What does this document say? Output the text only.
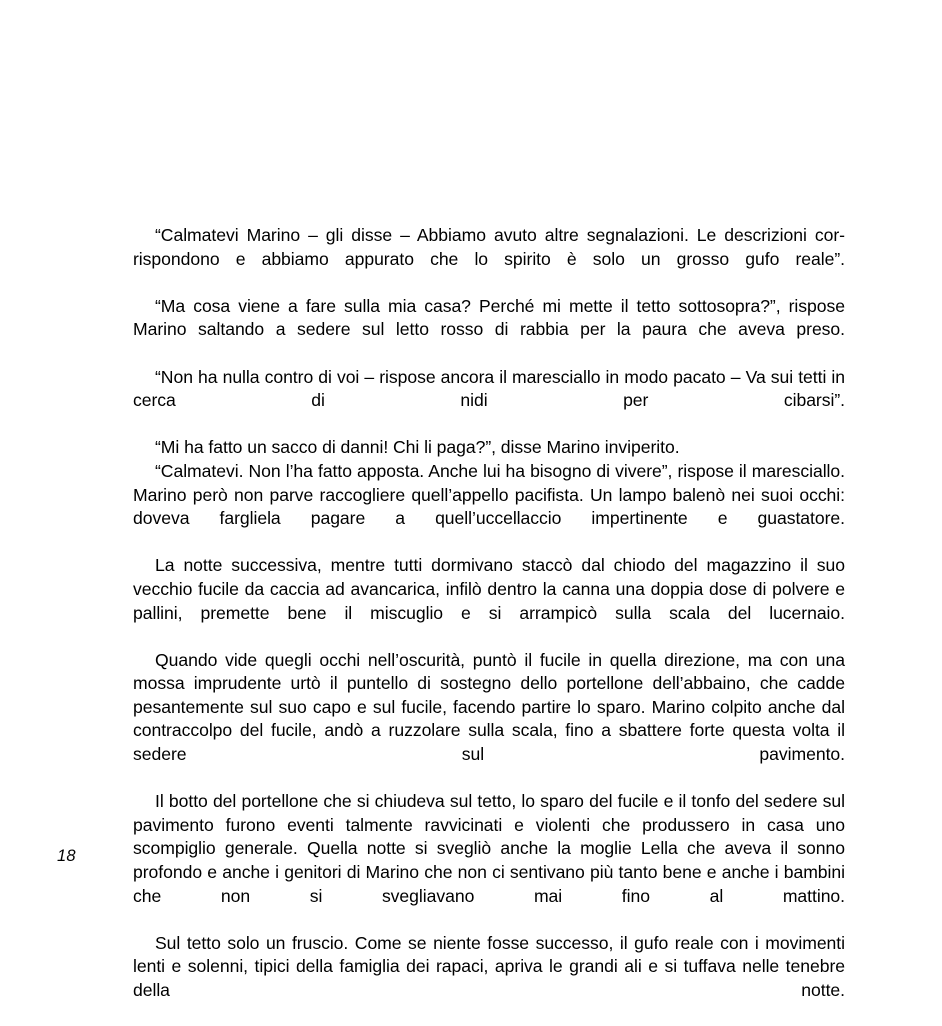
“Calmatevi Marino – gli disse – Abbiamo avuto altre segnalazioni. Le descrizioni corrispondono e abbiamo appurato che lo spirito è solo un grosso gufo reale”.

“Ma cosa viene a fare sulla mia casa? Perché mi mette il tetto sottosopra?”, rispose Marino saltando a sedere sul letto rosso di rabbia per la paura che aveva preso.

“Non ha nulla contro di voi – rispose ancora il maresciallo in modo pacato – Va sui tetti in cerca di nidi per cibarsi”.

“Mi ha fatto un sacco di danni! Chi li paga?”, disse Marino inviperito.

“Calmatevi. Non l’ha fatto apposta. Anche lui ha bisogno di vivere”, rispose il maresciallo. Marino però non parve raccogliere quell’appello pacifista. Un lampo balenò nei suoi occhi: doveva fargliela pagare a quell’uccellaccio impertinente e guastatore.

La notte successiva, mentre tutti dormivano staccò dal chiodo del magazzino il suo vecchio fucile da caccia ad avancarica, infilò dentro la canna una doppia dose di polvere e pallini, premette bene il miscuglio e si arrampicò sulla scala del lucernaio.

Quando vide quegli occhi nell’oscurità, puntò il fucile in quella direzione, ma con una mossa imprudente urtò il puntello di sostegno dello portellone dell’abbaino, che cadde pesantemente sul suo capo e sul fucile, facendo partire lo sparo. Marino colpito anche dal contraccolpo del fucile, andò a ruzzolare sulla scala, fino a sbattere forte questa volta il sedere sul pavimento.

Il botto del portellone che si chiudeva sul tetto, lo sparo del fucile e il tonfo del sedere sul pavimento furono eventi talmente ravvicinati e violenti che produssero in casa uno scompiglio generale. Quella notte si svegliò anche la moglie Lella che aveva il sonno profondo e anche i genitori di Marino che non ci sentivano più tanto bene e anche i bambini che non si svegliavano mai fino al mattino.

Sul tetto solo un fruscio. Come se niente fosse successo, il gufo reale con i movimenti lenti e solenni, tipici della famiglia dei rapaci, apriva le grandi ali e si tuffava nelle tenebre della notte.

18
